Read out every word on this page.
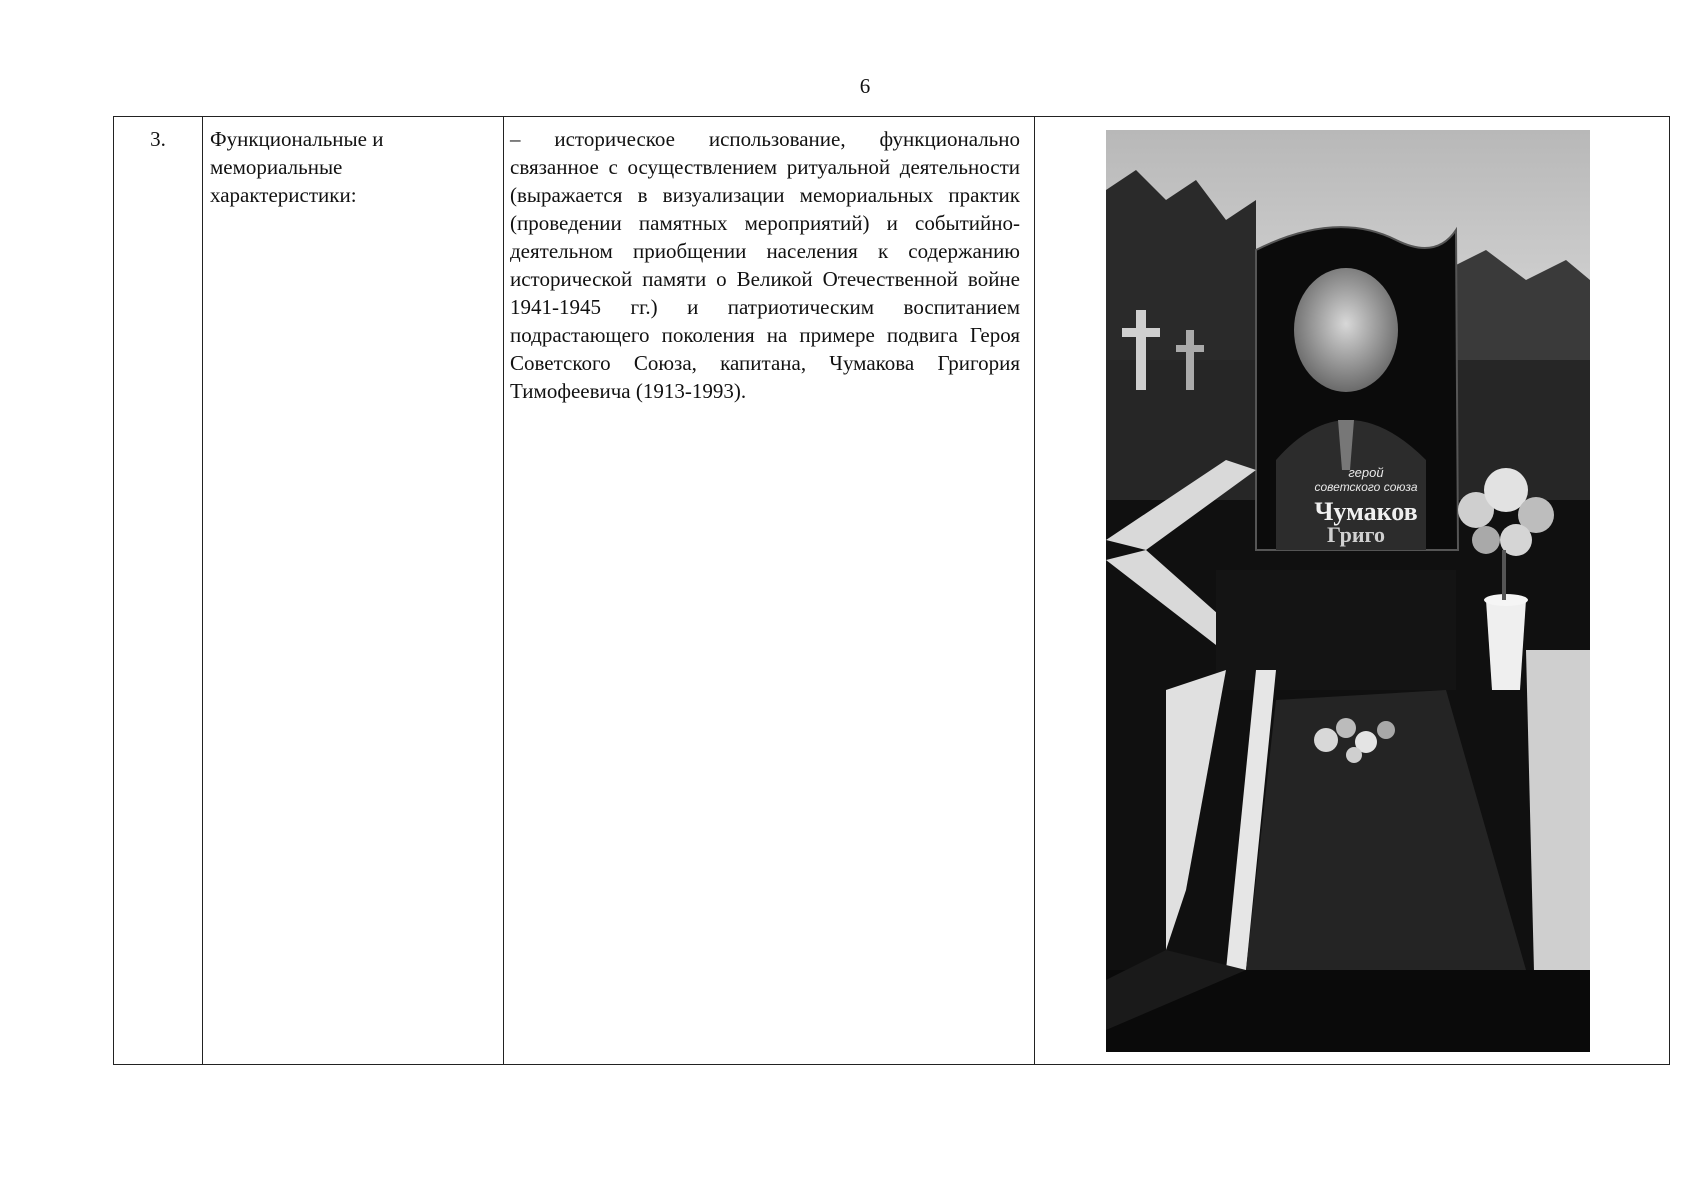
6
3.	Функциональные и мемориальные характеристики:
– историческое использование, функционально связанное с осуществлением ритуальной деятельности (выражается в визуализации мемориальных практик (проведении памятных мероприятий) и событийно-деятельном приобщении населения к содержанию исторической памяти о Великой Отечественной войне 1941-1945 гг.) и патриотическим воспитанием подрастающего поколения на примере подвига Героя Советского Союза, капитана, Чумакова Григория Тимофеевича (1913-1993).
герой
советского союза
Чумаков
Григо
